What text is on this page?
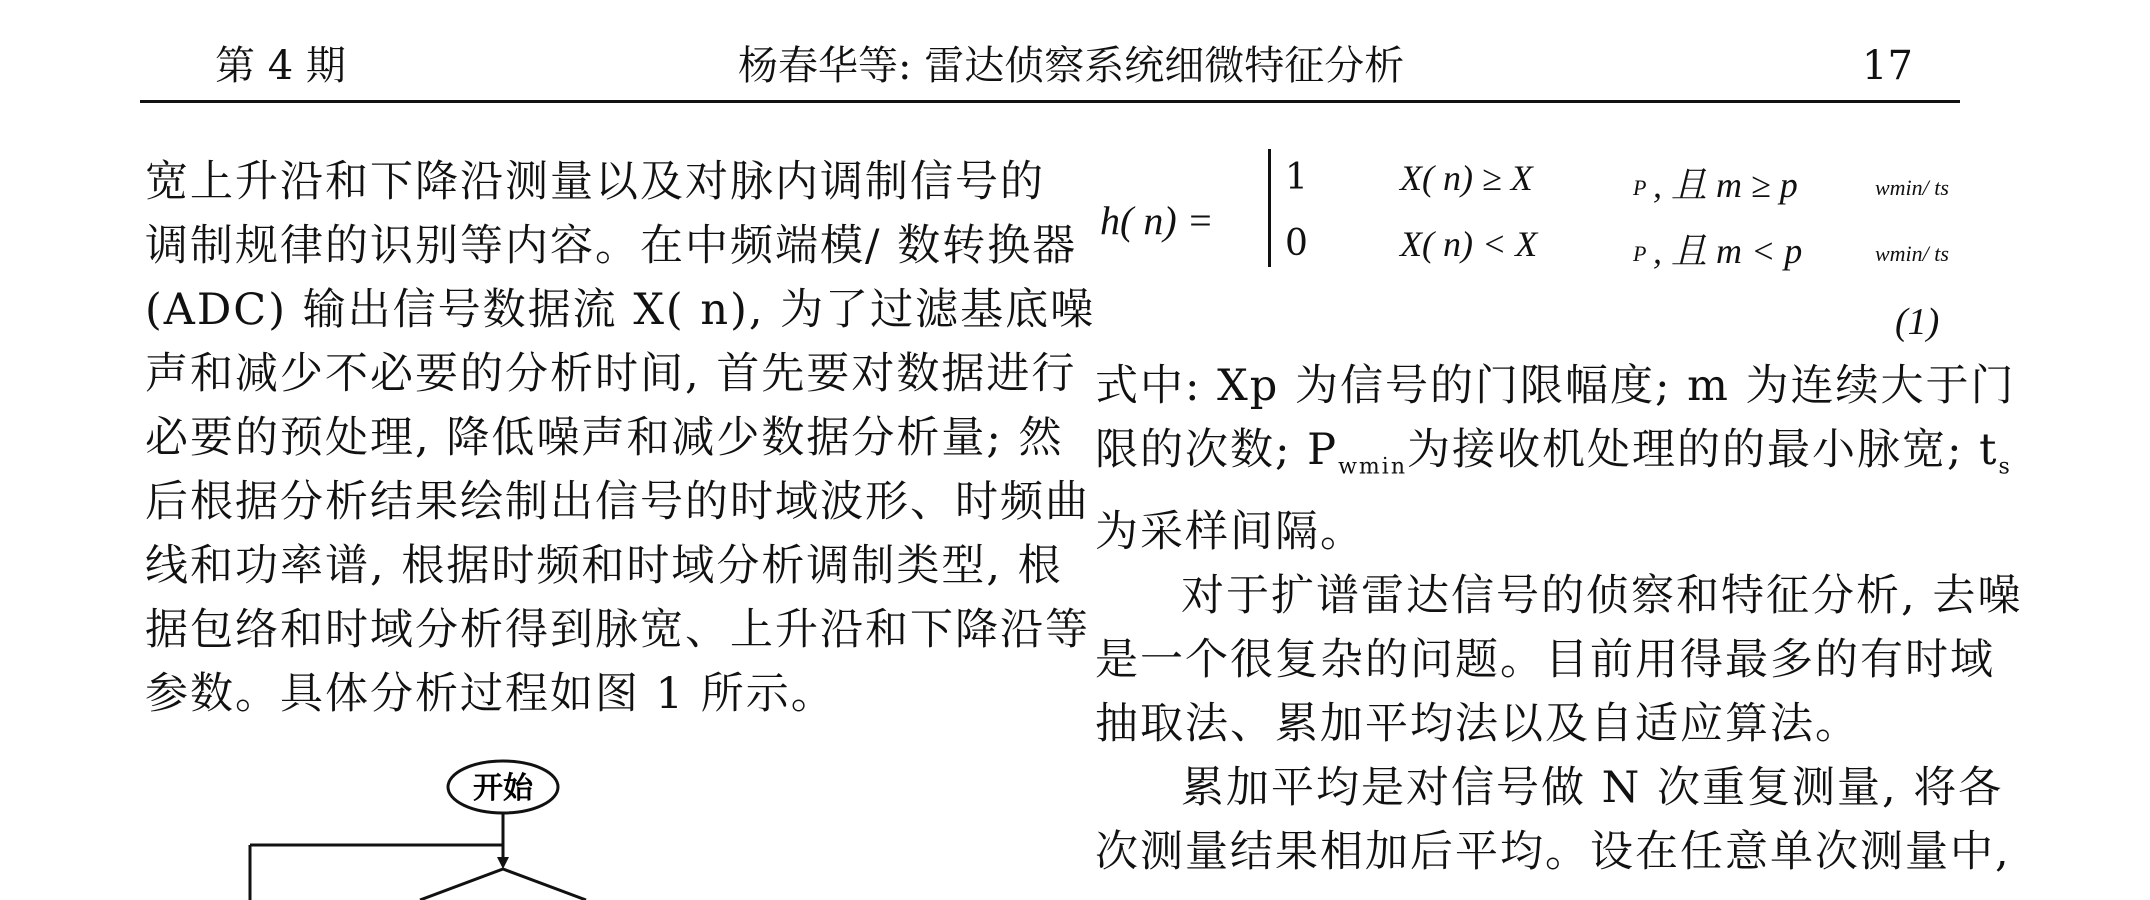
第 4 期	杨春华等: 雷达侦察系统细微特征分析	17

宽上升沿和下降沿测量以及对脉内调制信号的

调制规律的识别等内容。在中频端模/ 数转换器

(ADC) 输出信号数据流 X( n), 为了过滤基底噪

声和减少不必要的分析时间, 首先要对数据进行

必要的预处理, 降低噪声和减少数据分析量; 然

后根据分析结果绘制出信号的时域波形、时频曲

线和功率谱, 根据时频和时域分析调制类型, 根

据包络和时域分析得到脉宽、上升沿和下降沿等

参数。具体分析过程如图 1 所示。

开始
h( n) =
1	X( n) ≥ X	P , 且 m ≥ p	wmin/ ts
0	X( n) < X	P , 且 m < p	wmin/ ts
(1)

式中: Xp 为信号的门限幅度; m 为连续大于门

限的次数; $P_{wmin}$为接收机处理的的最小脉宽; $t_s$

为采样间隔。

对于扩谱雷达信号的侦察和特征分析, 去噪

是一个很复杂的问题。目前用得最多的有时域

抽取法、累加平均法以及自适应算法。

累加平均是对信号做 N 次重复测量, 将各

次测量结果相加后平均。设在任意单次测量中,
